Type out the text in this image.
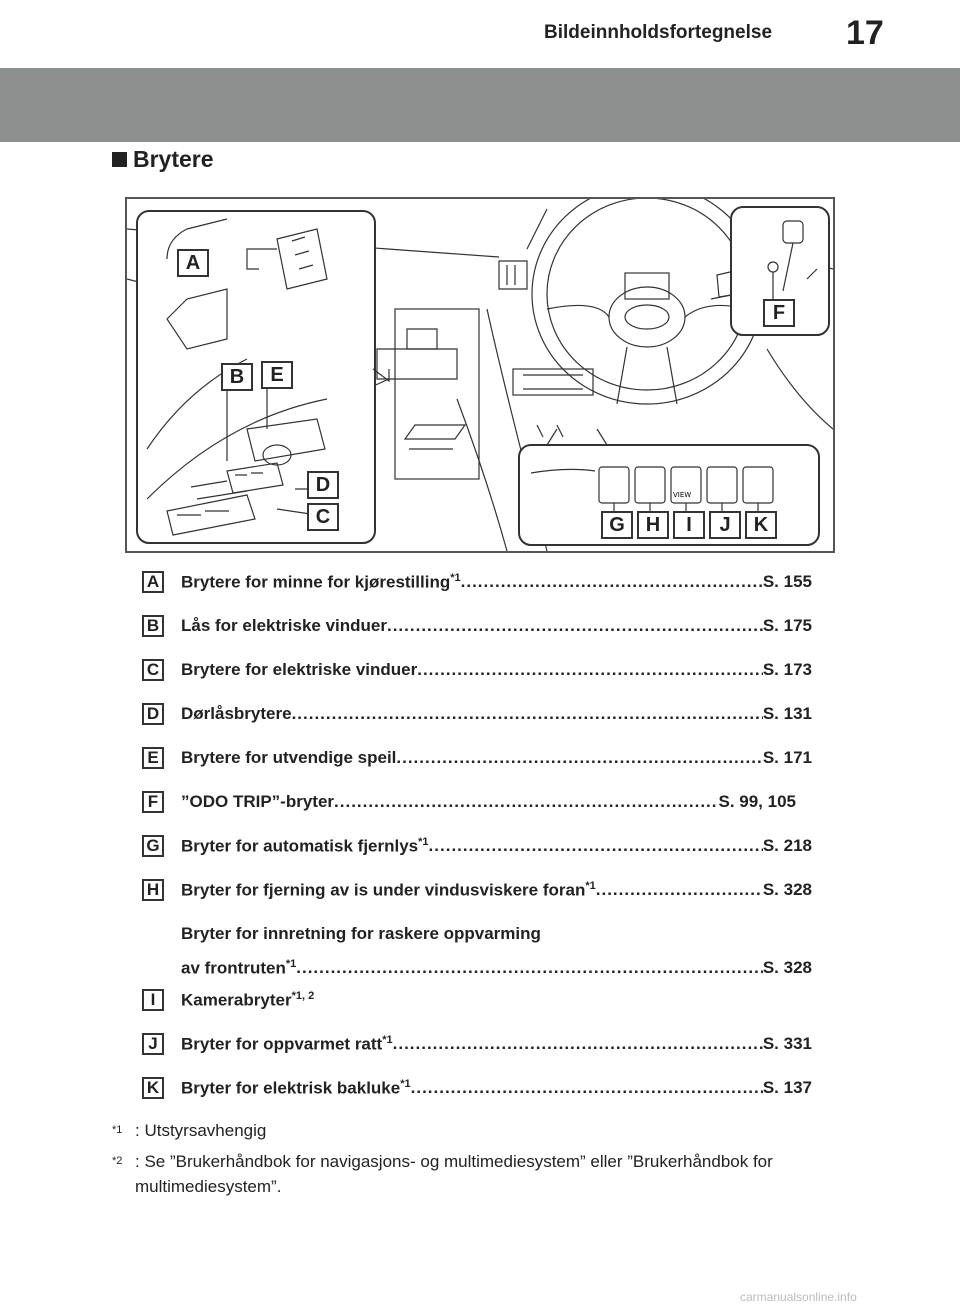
Bildeinnholdsfortegnelse 17
Brytere
VIEW
A
B	E
D
C
F
G	H	I	J	K
A Brytere for minne for kjørestilling$^{*1}$ .....	S. 155
B Lås for elektriske vinduer .....	S. 175
C Brytere for elektriske vinduer .....	S. 173
D Dørlåsbrytere .....	S. 131
E	Brytere for utvendige speil .....	S. 171
F	”ODO TRIP”-bryter .....	S. 99, 105
G Bryter for automatisk fjernlys$^{*1}$ .....	S. 218
H Bryter for fjerning av is under vindusviskere foran$^{*1}$ .....	S. 328
Bryter for innretning for raskere oppvarming
av frontruten$^{*1}$ .....	S. 328
I	Kamerabryter$^{*1, 2}$
J	Bryter for oppvarmet ratt$^{*1}$ .....	S. 331
K Bryter for elektrisk bakluke$^{*1}$ .....	S. 137
*1 : Utstyrsavhengig
*2 : Se ”Brukerhåndbok for navigasjons- og multimediesystem” eller ”Brukerhåndbok for multimediesystem”.
carmanualsonline.info
